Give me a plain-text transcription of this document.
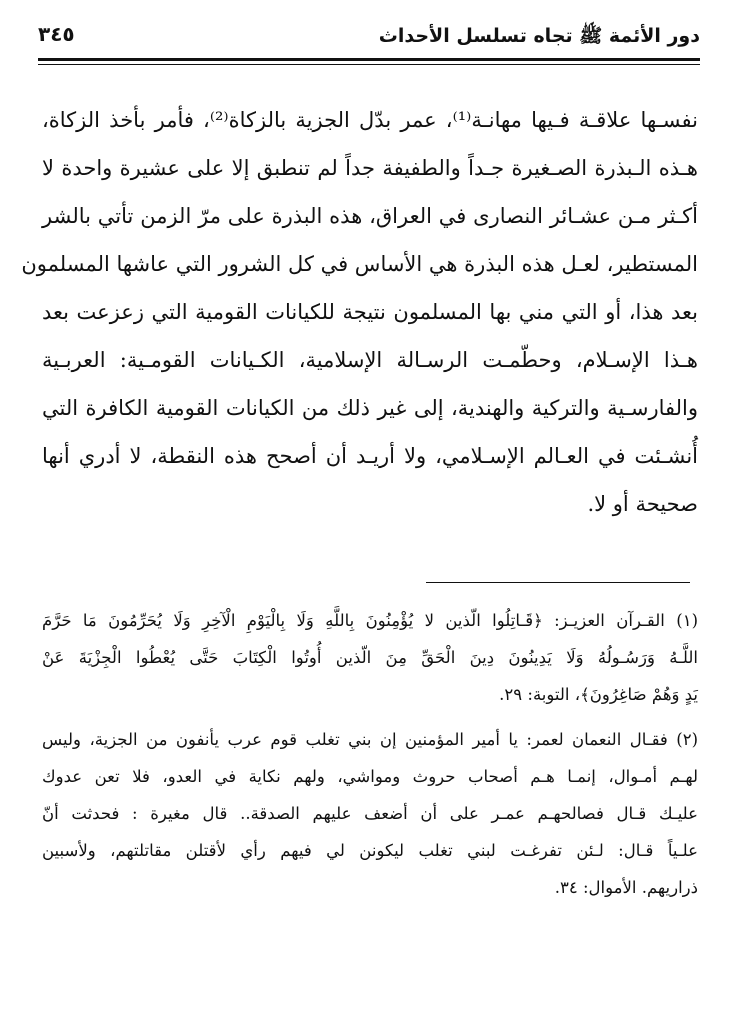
دور الأئمة ﷺ تجاه تسلسل الأحداث
٣٤٥
نفسـها علاقـة فـيها مهانـة⁽¹⁾، عمر بدّل الجزية بالزكاة⁽²⁾، فأمر بأخذ الزكاة،
هـذه الـبذرة الصـغيرة جـداً والطفيفة جداً لم تنطبق إلا على عشيرة واحدة لا
أكـثر مـن عشـائر النصارى في العراق، هذه البذرة على مرّ الزمن تأتي بالشر
المستطير، لعـل هذه البذرة هي الأساس في كل الشرور التي عاشها المسلمون
بعد هذا، أو التي مني بها المسلمون نتيجة للكيانات القومية التي زعزعت بعد
هـذا الإسـلام، وحطّمـت الرسـالة الإسلامية، الكـيانات القومـية: العربـية
والفارسـية والتركية والهندية، إلى غير ذلك من الكيانات القومية الكافرة التي
أُنشـئت في العـالم الإسـلامي، ولا أريـد أن أصحح هذه النقطة، لا أدري أنها
صحيحة أو لا.
(١) القـرآن العزيـز: ﴿قَـاتِلُوا الّذين لا يُؤْمِنُونَ بِاللَّهِ وَلَا بِالْيَوْمِ الْآخِرِ وَلَا يُحَرِّمُونَ مَا حَرَّمَ
اللَّـهُ وَرَسُـولُهُ وَلَا يَدِينُونَ دِينَ الْحَقِّ مِنَ الّذين أُوتُوا الْكِتَابَ حَتَّى يُعْطُوا الْجِزْيَةَ عَنْ
يَدٍ وَهُمْ صَاغِرُونَ﴾، التوبة: ٢٩.
(٢) فقـال النعمان لعمر: يا أمير المؤمنين إن بني تغلب قوم عرب يأنفون من الجزية، وليس
لهـم أمـوال، إنمـا هـم أصحاب حروث ومواشي، ولهم نكاية في العدو، فلا تعن عدوك
عليـك قـال فصالحهـم عمـر على أن أضعف عليهم الصدقة.. قال مغيرة : فحدثت أنّ
علـياً قـال: لـئن تفرغـت لبني تغلب ليكونن لي فيهم رأي لأقتلن مقاتلتهم، ولأسبين
ذراريهم. الأموال: ٣٤.
